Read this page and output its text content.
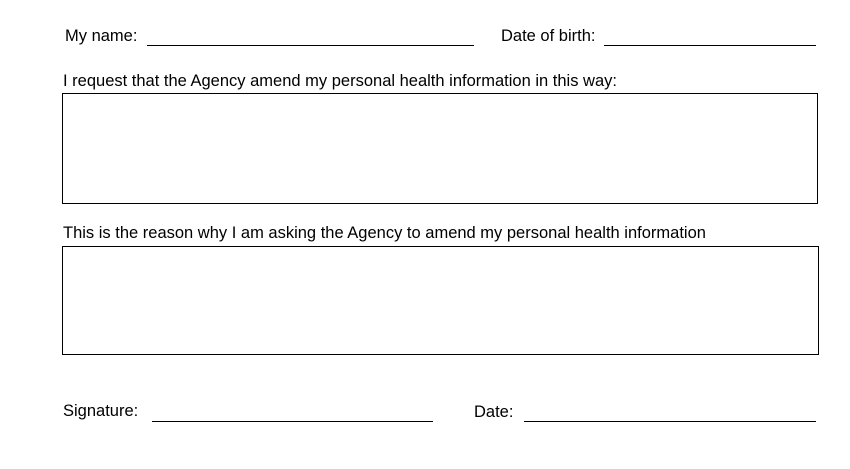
My name:	Date of birth:
I request that the Agency amend my personal health information in this way:
This is the reason why I am asking the Agency to amend my personal health information
Signature:	Date:
